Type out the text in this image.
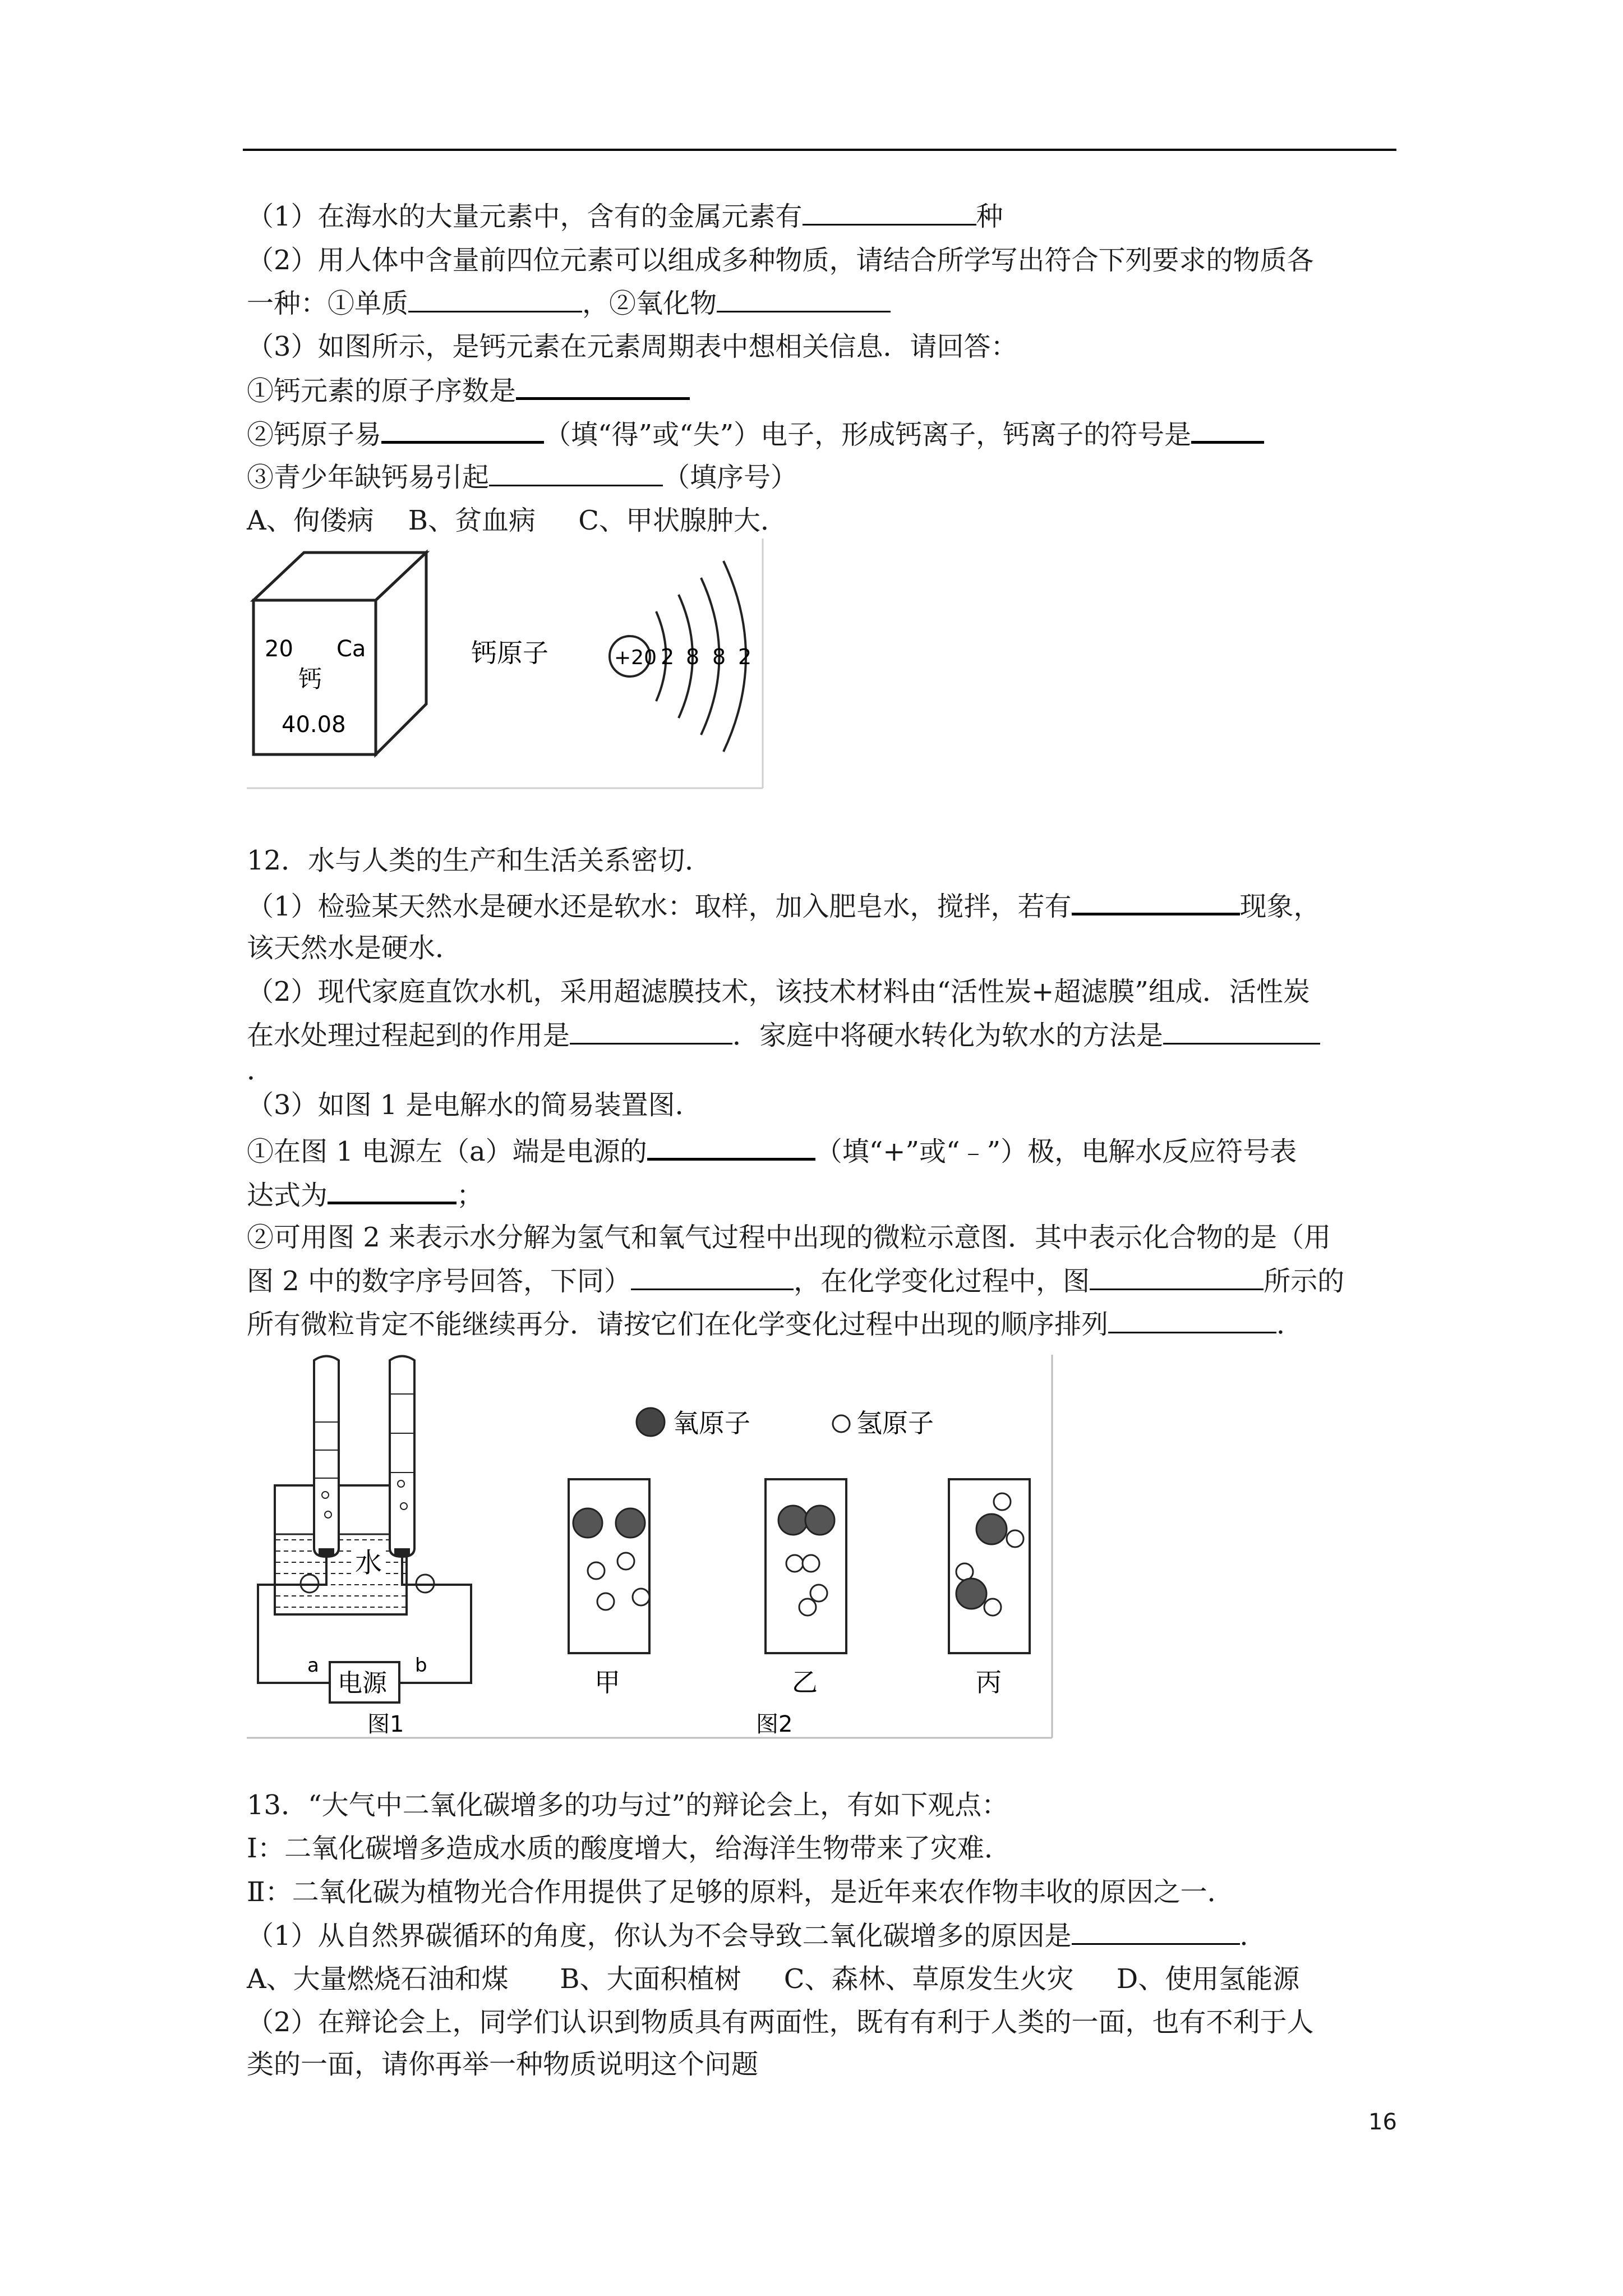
（1）在海水的大量元素中，含有的金属元素有	种
（2）用人体中含量前四位元素可以组成多种物质，请结合所学写出符合下列要求的物质各
一种：①单质	，②氧化物
（3）如图所示，是钙元素在元素周期表中想相关信息．请回答：
①钙元素的原子序数是
②钙原子易	（填“得”或“失”）电子，形成钙离子，钙离子的符号是
③青少年缺钙易引起	（填序号）
A、佝偻病    B、贫血病     C、甲状腺肿大．
20 Ca
钙
40.08
钙原子	+20 2 8 8 2
12．水与人类的生产和生活关系密切．
（1）检验某天然水是硬水还是软水：取样，加入肥皂水，搅拌，若有	现象，
该天然水是硬水．
（2）现代家庭直饮水机，采用超滤膜技术，该技术材料由“活性炭+超滤膜”组成．活性炭
在水处理过程起到的作用是	．家庭中将硬水转化为软水的方法是
．
（3）如图 1 是电解水的简易装置图．
①在图 1 电源左（a）端是电源的	（填“+”或“﹣”）极，电解水反应符号表
达式为	；
②可用图 2 来表示水分解为氢气和氧气过程中出现的微粒示意图．其中表示化合物的是（用
图 2 中的数字序号回答，下同）	，在化学变化过程中，图	所示的
所有微粒肯定不能继续再分．请按它们在化学变化过程中出现的顺序排列	．
水
a	b
电源
图1
氧原子	氢原子
甲	乙	丙
图2
13．“大气中二氧化碳增多的功与过”的辩论会上，有如下观点：
Ⅰ：二氧化碳增多造成水质的酸度增大，给海洋生物带来了灾难．
Ⅱ：二氧化碳为植物光合作用提供了足够的原料，是近年来农作物丰收的原因之一．
（1）从自然界碳循环的角度，你认为不会导致二氧化碳增多的原因是	．
A、大量燃烧石油和煤      B、大面积植树     C、森林、草原发生火灾     D、使用氢能源
（2）在辩论会上，同学们认识到物质具有两面性，既有有利于人类的一面，也有不利于人
类的一面，请你再举一种物质说明这个问题
16
